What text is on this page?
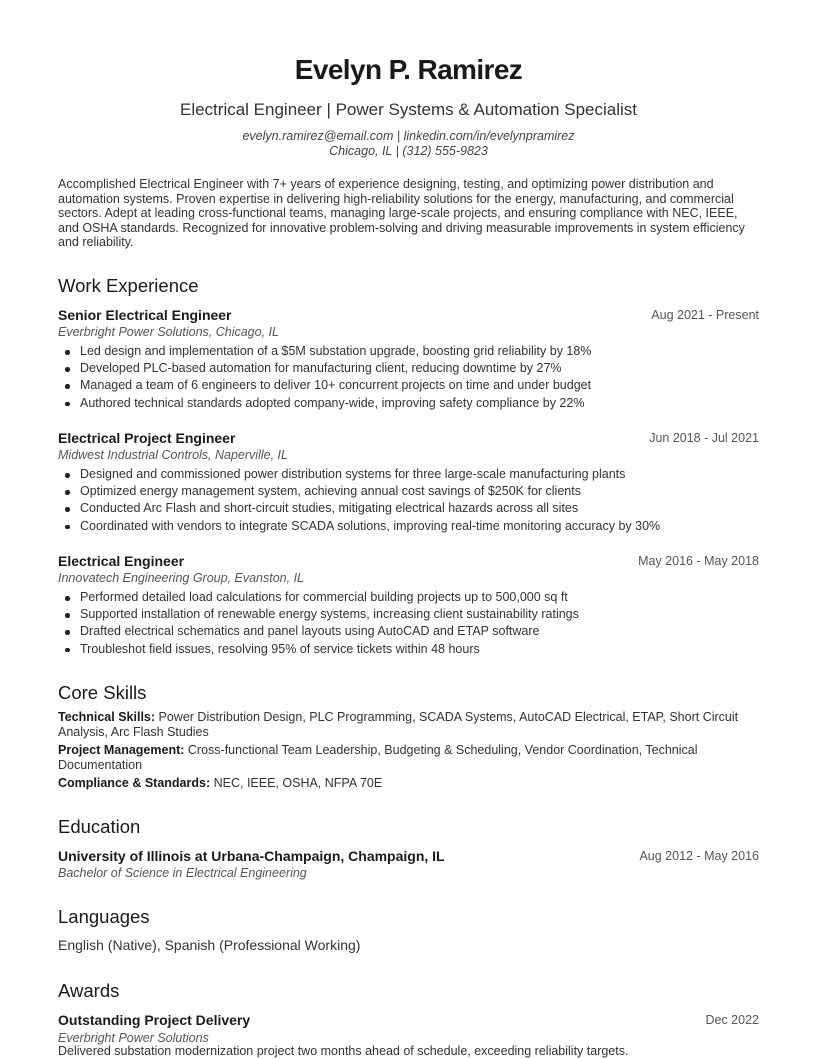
Evelyn P. Ramirez
Electrical Engineer | Power Systems & Automation Specialist
evelyn.ramirez@email.com | linkedin.com/in/evelynpramirez
Chicago, IL | (312) 555-9823
Accomplished Electrical Engineer with 7+ years of experience designing, testing, and optimizing power distribution and automation systems. Proven expertise in delivering high-reliability solutions for the energy, manufacturing, and commercial sectors. Adept at leading cross-functional teams, managing large-scale projects, and ensuring compliance with NEC, IEEE, and OSHA standards. Recognized for innovative problem-solving and driving measurable improvements in system efficiency and reliability.
Work Experience
Senior Electrical Engineer	Aug 2021 - Present
Everbright Power Solutions, Chicago, IL
Led design and implementation of a $5M substation upgrade, boosting grid reliability by 18%
Developed PLC-based automation for manufacturing client, reducing downtime by 27%
Managed a team of 6 engineers to deliver 10+ concurrent projects on time and under budget
Authored technical standards adopted company-wide, improving safety compliance by 22%
Electrical Project Engineer	Jun 2018 - Jul 2021
Midwest Industrial Controls, Naperville, IL
Designed and commissioned power distribution systems for three large-scale manufacturing plants
Optimized energy management system, achieving annual cost savings of $250K for clients
Conducted Arc Flash and short-circuit studies, mitigating electrical hazards across all sites
Coordinated with vendors to integrate SCADA solutions, improving real-time monitoring accuracy by 30%
Electrical Engineer	May 2016 - May 2018
Innovatech Engineering Group, Evanston, IL
Performed detailed load calculations for commercial building projects up to 500,000 sq ft
Supported installation of renewable energy systems, increasing client sustainability ratings
Drafted electrical schematics and panel layouts using AutoCAD and ETAP software
Troubleshot field issues, resolving 95% of service tickets within 48 hours
Core Skills
Technical Skills: Power Distribution Design, PLC Programming, SCADA Systems, AutoCAD Electrical, ETAP, Short Circuit Analysis, Arc Flash Studies
Project Management: Cross-functional Team Leadership, Budgeting & Scheduling, Vendor Coordination, Technical Documentation
Compliance & Standards: NEC, IEEE, OSHA, NFPA 70E
Education
University of Illinois at Urbana-Champaign, Champaign, IL	Aug 2012 - May 2016
Bachelor of Science in Electrical Engineering
Languages
English (Native), Spanish (Professional Working)
Awards
Outstanding Project Delivery	Dec 2022
Everbright Power Solutions
Delivered substation modernization project two months ahead of schedule, exceeding reliability targets.
